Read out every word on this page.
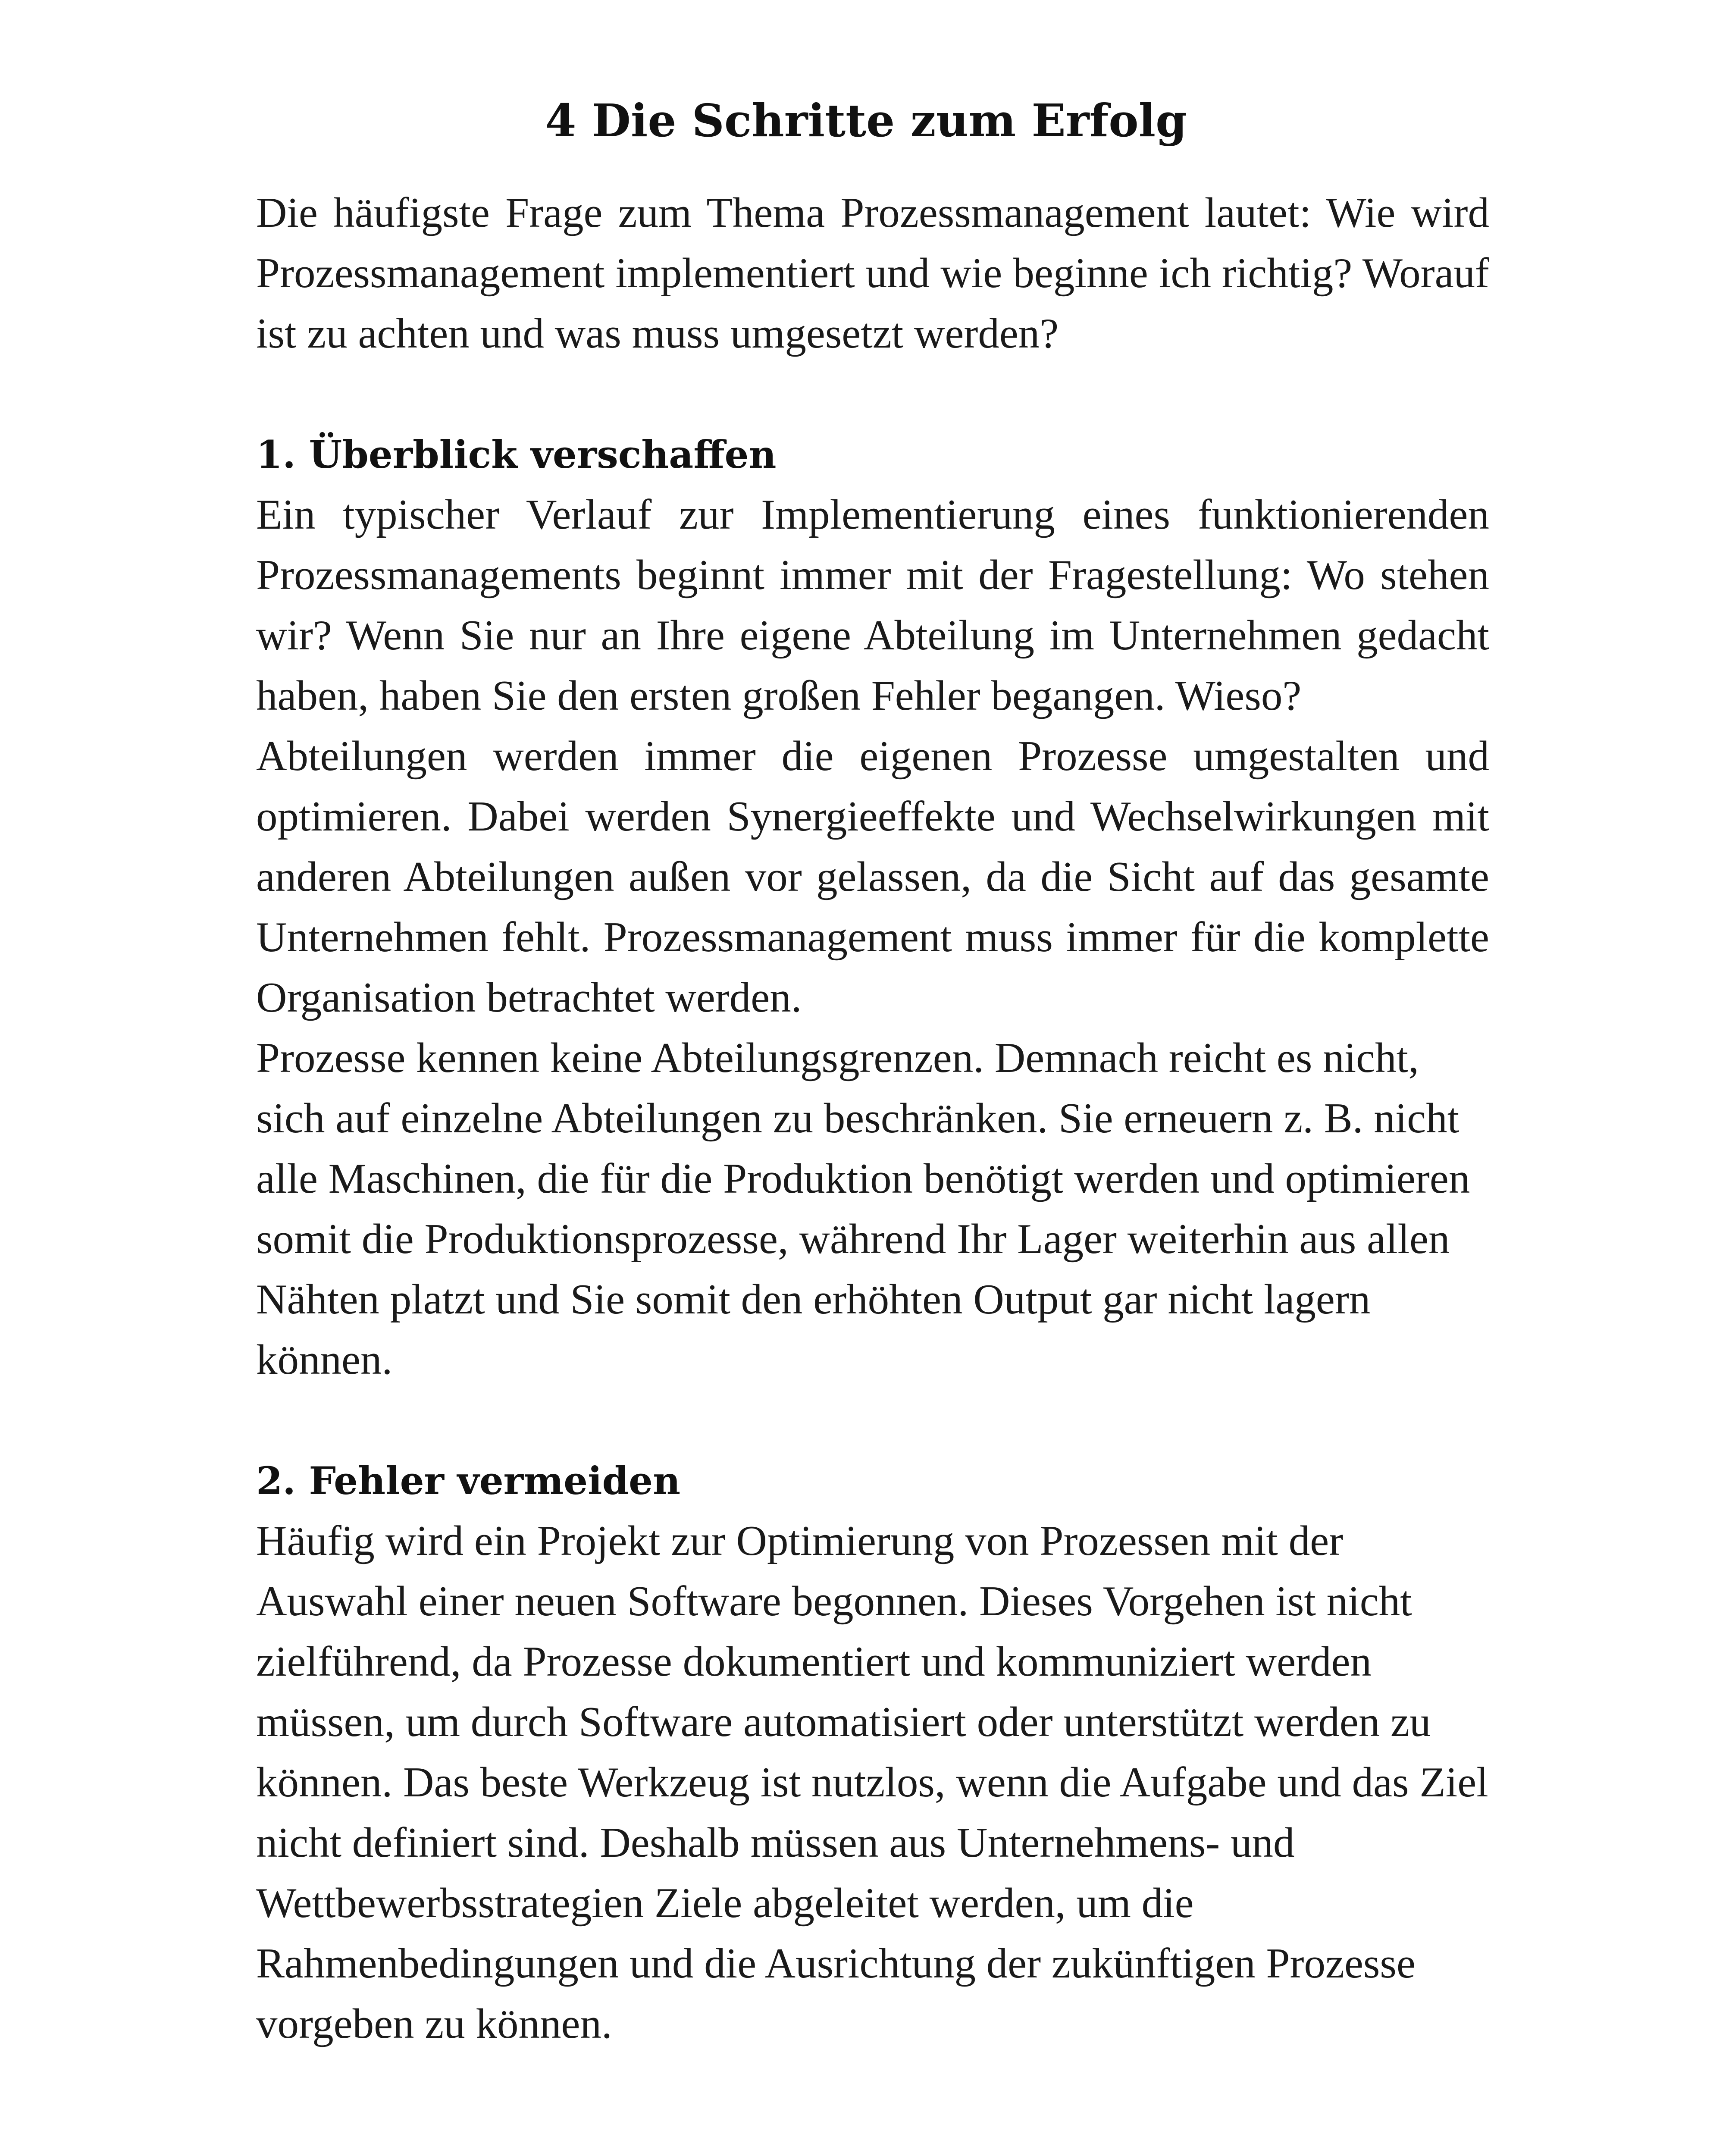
4 Die Schritte zum Erfolg

Die häufigste Frage zum Thema Prozessmanagement lautet: Wie wird Prozessmanagement implementiert und wie beginne ich richtig? Worauf ist zu achten und was muss umgesetzt werden?

1. Überblick verschaffen

Ein typischer Verlauf zur Implementierung eines funktionierenden Prozessmanagements beginnt immer mit der Fragestellung: Wo stehen wir? Wenn Sie nur an Ihre eigene Abteilung im Unternehmen gedacht haben, haben Sie den ersten großen Fehler begangen. Wieso?

Abteilungen werden immer die eigenen Prozesse umgestalten und optimieren. Dabei werden Synergieeffekte und Wechselwirkungen mit anderen Abteilungen außen vor gelassen, da die Sicht auf das gesamte Unternehmen fehlt. Prozessmanagement muss immer für die komplette Organisation betrachtet werden.

Prozesse kennen keine Abteilungsgrenzen. Demnach reicht es nicht, sich auf einzelne Abteilungen zu beschränken. Sie erneuern z. B. nicht alle Maschinen, die für die Produktion benötigt werden und optimieren somit die Produktionsprozesse, während Ihr Lager weiterhin aus allen Nähten platzt und Sie somit den erhöhten Output gar nicht lagern können.

2. Fehler vermeiden

Häufig wird ein Projekt zur Optimierung von Prozessen mit der Auswahl einer neuen Software begonnen. Dieses Vorgehen ist nicht zielführend, da Prozesse dokumentiert und kommuniziert werden müssen, um durch Software automatisiert oder unterstützt werden zu können. Das beste Werkzeug ist nutzlos, wenn die Aufgabe und das Ziel nicht definiert sind. Deshalb müssen aus Unternehmens- und Wettbewerbsstrategien Ziele abgeleitet werden, um die Rahmenbedingungen und die Ausrichtung der zukünftigen Prozesse vorgeben zu können.
